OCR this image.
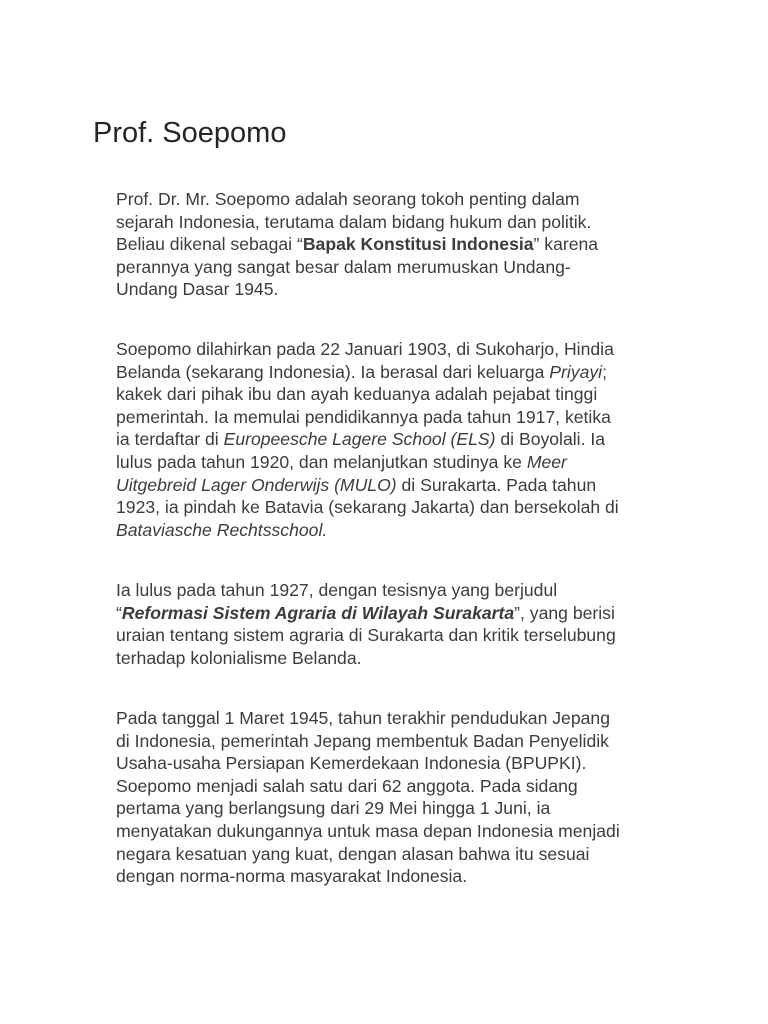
Prof. Soepomo
Prof. Dr. Mr. Soepomo adalah seorang tokoh penting dalam
sejarah Indonesia, terutama dalam bidang hukum dan politik.
Beliau dikenal sebagai “Bapak Konstitusi Indonesia” karena
perannya yang sangat besar dalam merumuskan Undang-
Undang Dasar 1945.
Soepomo dilahirkan pada 22 Januari 1903, di Sukoharjo, Hindia
Belanda (sekarang Indonesia). Ia berasal dari keluarga Priyayi;
kakek dari pihak ibu dan ayah keduanya adalah pejabat tinggi
pemerintah. Ia memulai pendidikannya pada tahun 1917, ketika
ia terdaftar di Europeesche Lagere School (ELS) di Boyolali. Ia
lulus pada tahun 1920, dan melanjutkan studinya ke Meer
Uitgebreid Lager Onderwijs (MULO) di Surakarta. Pada tahun
1923, ia pindah ke Batavia (sekarang Jakarta) dan bersekolah di
Bataviasche Rechtsschool.
Ia lulus pada tahun 1927, dengan tesisnya yang berjudul
“Reformasi Sistem Agraria di Wilayah Surakarta”, yang berisi
uraian tentang sistem agraria di Surakarta dan kritik terselubung
terhadap kolonialisme Belanda.
Pada tanggal 1 Maret 1945, tahun terakhir pendudukan Jepang
di Indonesia, pemerintah Jepang membentuk Badan Penyelidik
Usaha-usaha Persiapan Kemerdekaan Indonesia (BPUPKI).
Soepomo menjadi salah satu dari 62 anggota. Pada sidang
pertama yang berlangsung dari 29 Mei hingga 1 Juni, ia
menyatakan dukungannya untuk masa depan Indonesia menjadi
negara kesatuan yang kuat, dengan alasan bahwa itu sesuai
dengan norma-norma masyarakat Indonesia.
